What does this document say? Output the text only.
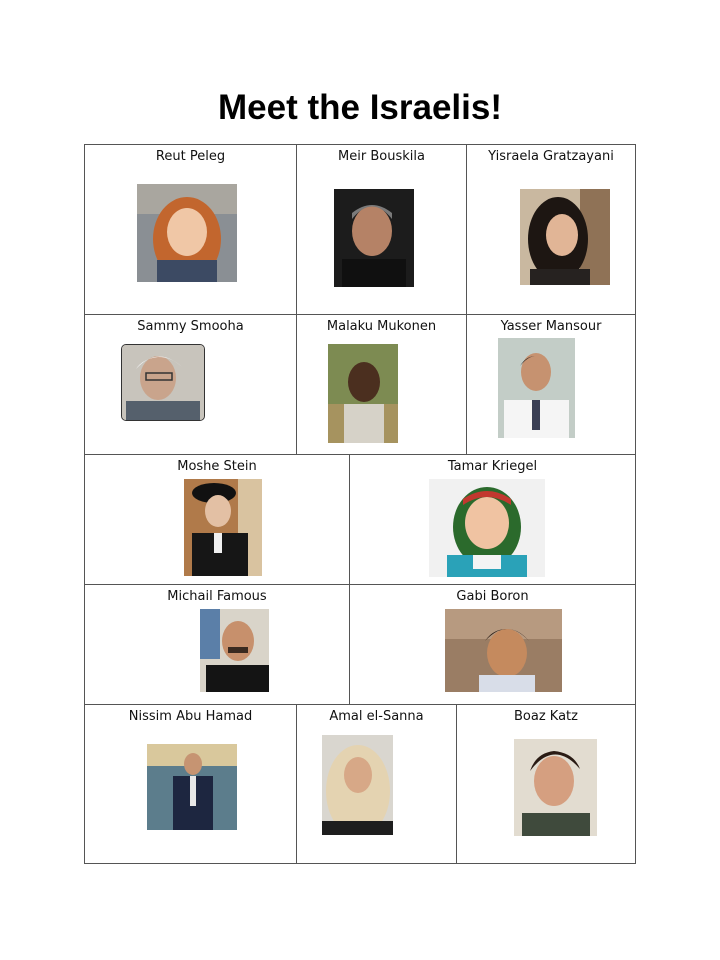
Meet the Israelis!
Reut Peleg	Meir Bouskila	Yisraela Gratzayani
Sammy Smooha	Malaku Mukonen	Yasser Mansour
Moshe Stein	Tamar Kriegel
Michail Famous	Gabi Boron
Nissim Abu Hamad	Amal el-Sanna	Boaz Katz
